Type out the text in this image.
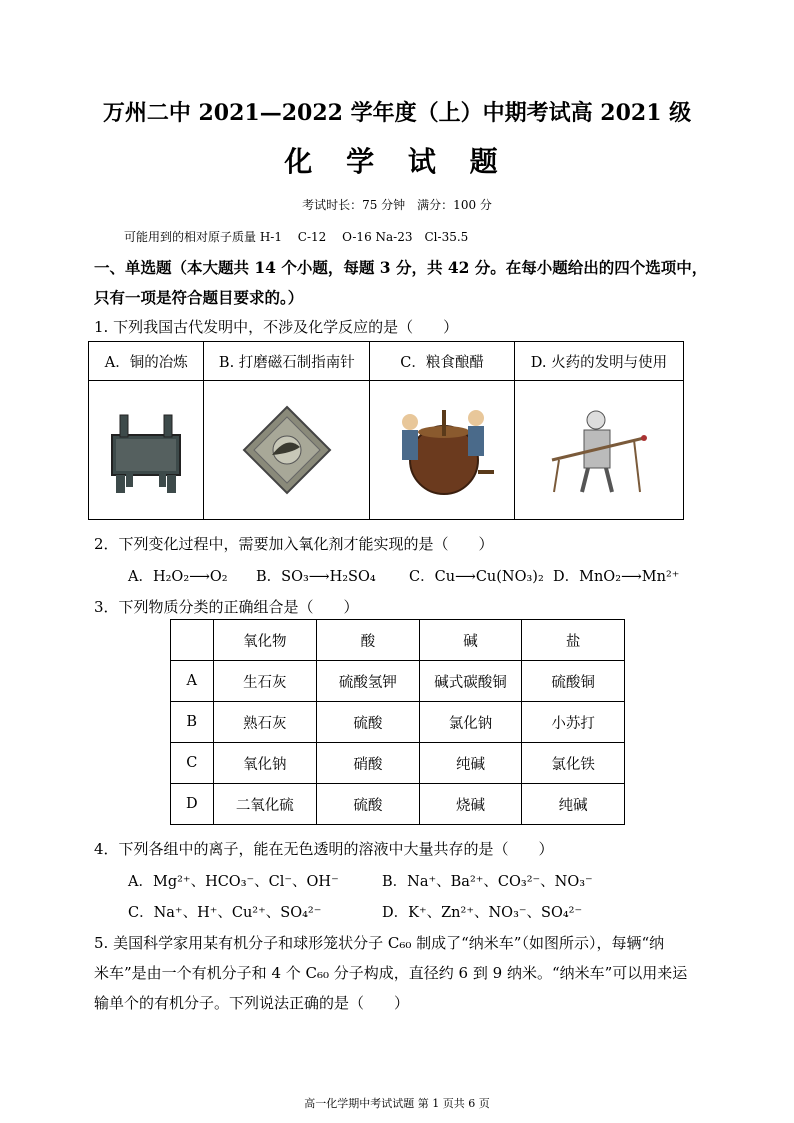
万州二中 2021—2022 学年度（上）中期考试高 2021 级
化 学 试 题
考试时长：75 分钟　满分：100 分
可能用到的相对原子质量 H-1　 C-12　 O-16 Na-23　Cl-35.5
一、单选题（本大题共 14 个小题，每题 3 分，共 42 分。在每小题给出的四个选项中，
只有一项是符合题目要求的。）
1. 下列我国古代发明中，不涉及化学反应的是（　　）
A．铜的冶炼	B. 打磨磁石制指南针	C．粮食酿醋	D. 火药的发明与使用

2．下列变化过程中，需要加入氧化剂才能实现的是（　　）
A．H₂O₂⟶O₂ B．SO₃⟶H₂SO₄ C．Cu⟶Cu(NO₃)₂ D．MnO₂⟶Mn²⁺
3．下列物质分类的正确组合是（　　）
	氧化物	酸	碱	盐
A	生石灰	硫酸氢钾	碱式碳酸铜	硫酸铜
B	熟石灰	硫酸	氯化钠	小苏打
C	氧化钠	硝酸	纯碱	氯化铁
D	二氧化硫	硫酸	烧碱	纯碱
4．下列各组中的离子，能在无色透明的溶液中大量共存的是（　　）
A．Mg²⁺、HCO₃⁻、Cl⁻、OH⁻	B．Na⁺、Ba²⁺、CO₃²⁻、NO₃⁻
C．Na⁺、H⁺、Cu²⁺、SO₄²⁻	D．K⁺、Zn²⁺、NO₃⁻、SO₄²⁻
5. 美国科学家用某有机分子和球形笼状分子 C₆₀ 制成了“纳米车”（如图所示），每辆“纳
米车”是由一个有机分子和 4 个 C₆₀ 分子构成，直径约 6 到 9 纳米。“纳米车”可以用来运
输单个的有机分子。下列说法正确的是（　　）
高一化学期中考试试题 第 1 页共 6 页
